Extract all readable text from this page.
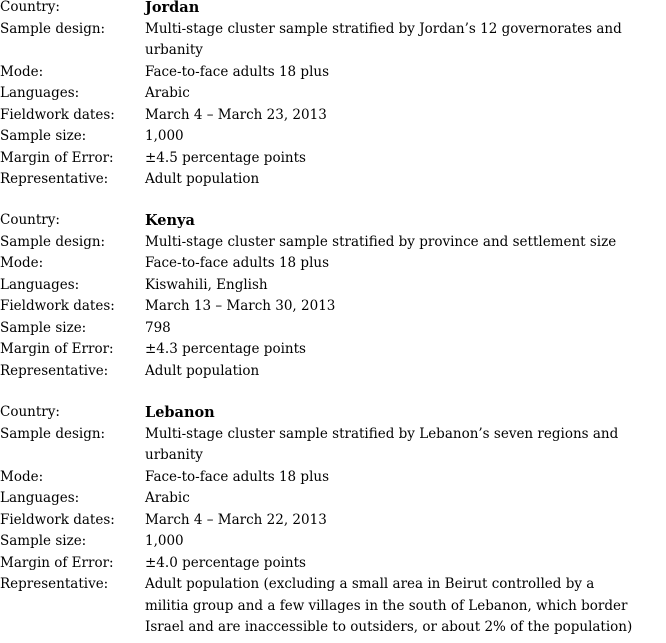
Country:	Jordan
Sample design:	Multi-stage cluster sample stratified by Jordan’s 12 governorates and urbanity
Mode:	Face-to-face adults 18 plus
Languages:	Arabic
Fieldwork dates:	March 4 – March 23, 2013
Sample size:	1,000
Margin of Error:	±4.5 percentage points
Representative:	Adult population
Country:	Kenya
Sample design:	Multi-stage cluster sample stratified by province and settlement size
Mode:	Face-to-face adults 18 plus
Languages:	Kiswahili, English
Fieldwork dates:	March 13 – March 30, 2013
Sample size:	798
Margin of Error:	±4.3 percentage points
Representative:	Adult population
Country:	Lebanon
Sample design:	Multi-stage cluster sample stratified by Lebanon’s seven regions and urbanity
Mode:	Face-to-face adults 18 plus
Languages:	Arabic
Fieldwork dates:	March 4 – March 22, 2013
Sample size:	1,000
Margin of Error:	±4.0 percentage points
Representative:	Adult population (excluding a small area in Beirut controlled by a militia group and a few villages in the south of Lebanon, which border Israel and are inaccessible to outsiders, or about 2% of the population)
